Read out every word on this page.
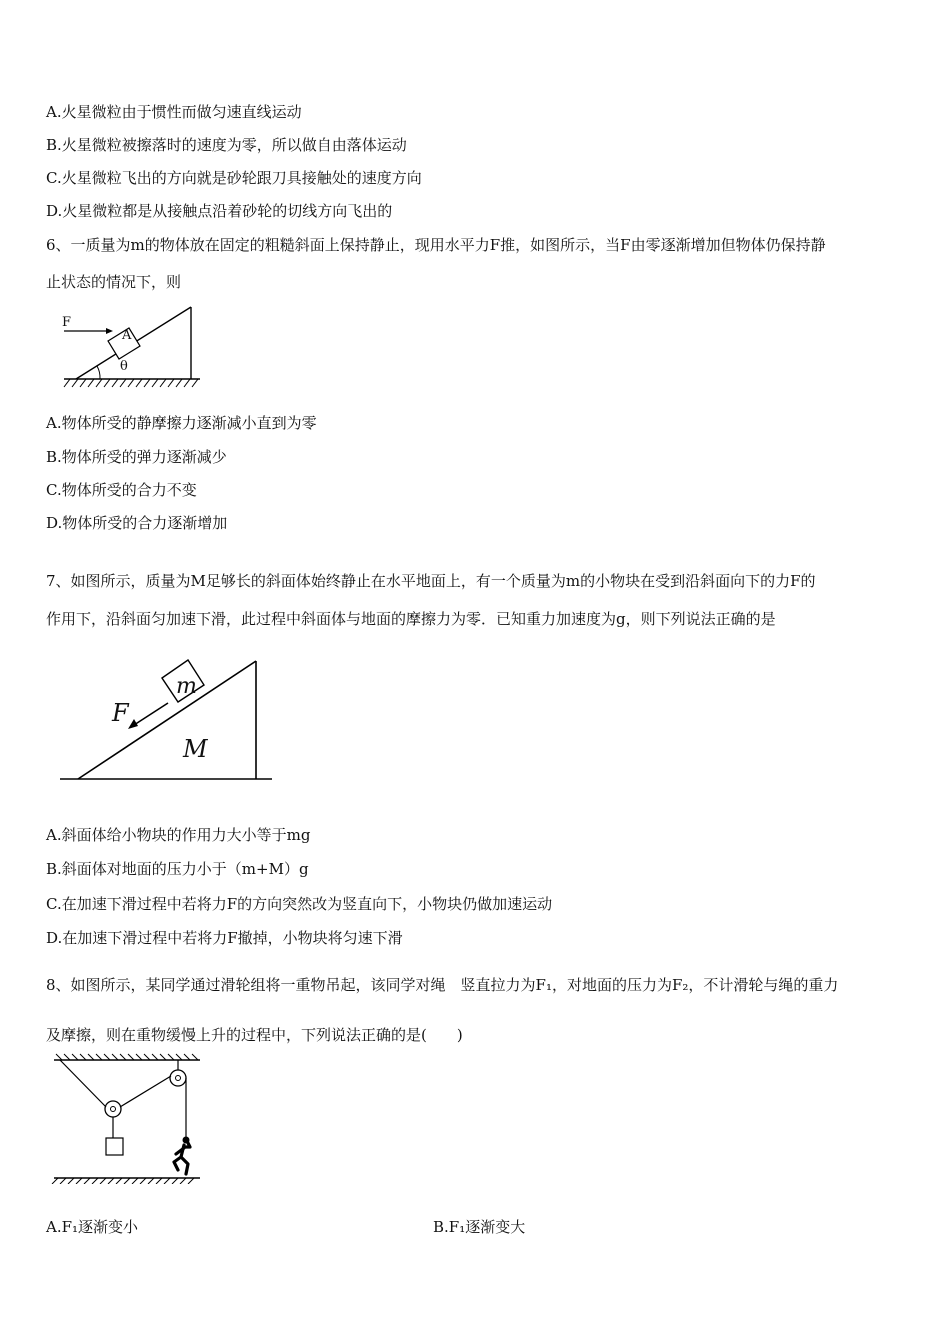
A.火星微粒由于惯性而做匀速直线运动
B.火星微粒被擦落时的速度为零，所以做自由落体运动
C.火星微粒飞出的方向就是砂轮跟刀具接触处的速度方向
D.火星微粒都是从接触点沿着砂轮的切线方向飞出的
6、一质量为m的物体放在固定的粗糙斜面上保持静止，现用水平力F推，如图所示，当F由零逐渐增加但物体仍保持静
止状态的情况下，则
F
A
θ
A.物体所受的静摩擦力逐渐减小直到为零
B.物体所受的弹力逐渐减少
C.物体所受的合力不变
D.物体所受的合力逐渐增加
7、如图所示，质量为M足够长的斜面体始终静止在水平地面上，有一个质量为m的小物块在受到沿斜面向下的力F的
作用下，沿斜面匀加速下滑，此过程中斜面体与地面的摩擦力为零．已知重力加速度为g，则下列说法正确的是
m
F
M
A.斜面体给小物块的作用力大小等于mg
B.斜面体对地面的压力小于（m+M）g
C.在加速下滑过程中若将力F的方向突然改为竖直向下，小物块仍做加速运动
D.在加速下滑过程中若将力F撤掉，小物块将匀速下滑
8、如图所示，某同学通过滑轮组将一重物吊起，该同学对绳　竖直拉力为F₁，对地面的压力为F₂，不计滑轮与绳的重力
及摩擦，则在重物缓慢上升的过程中，下列说法正确的是(　　)
A.F₁逐渐变小	B.F₁逐渐变大
